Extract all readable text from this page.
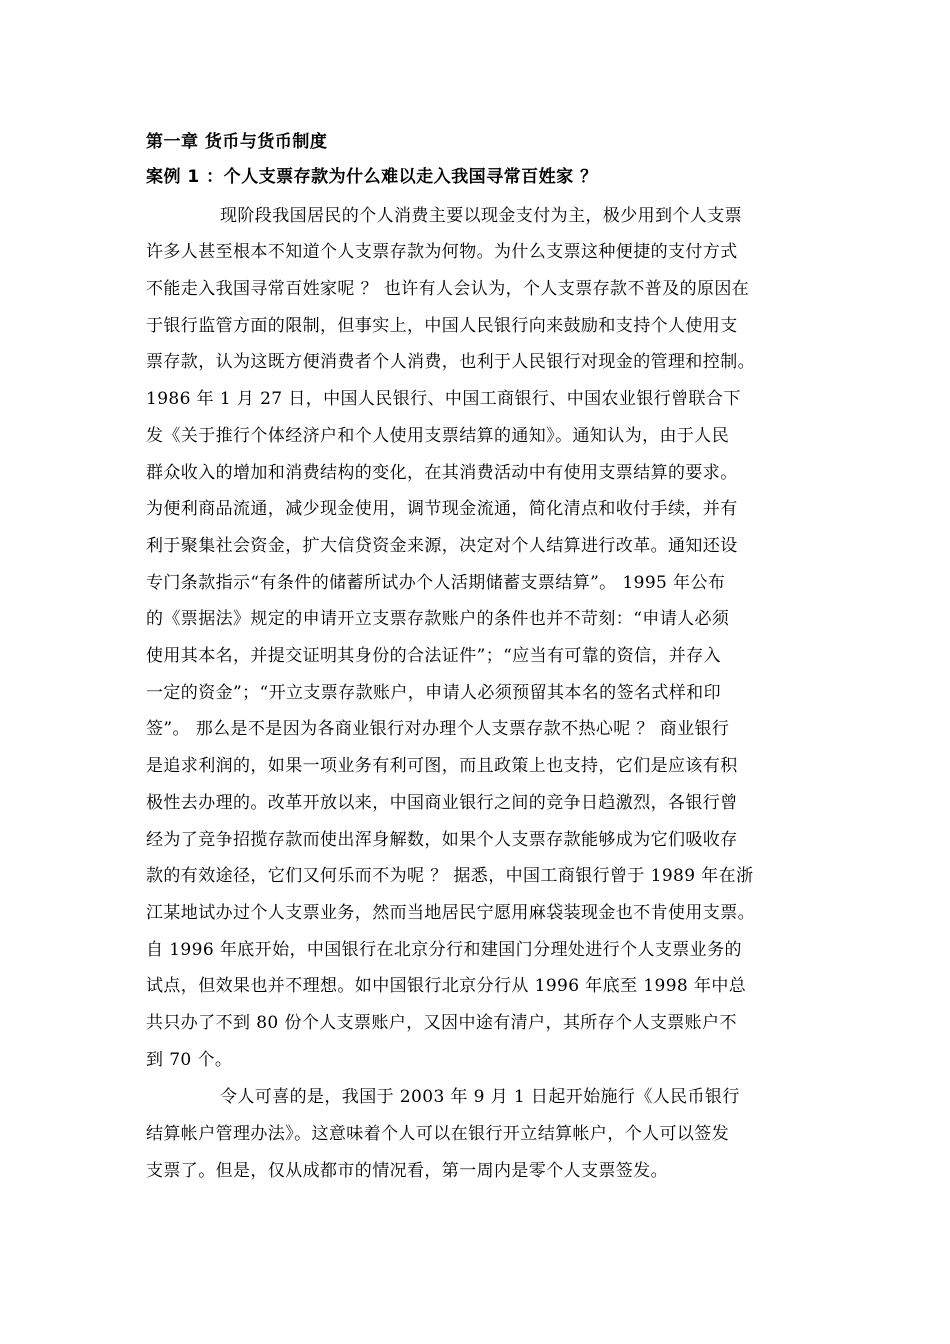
第一章 货币与货币制度
案例 1 ：个人支票存款为什么难以走入我国寻常百姓家 ？
现阶段我国居民的个人消费主要以现金支付为主，极少用到个人支票
许多人甚至根本不知道个人支票存款为何物。为什么支票这种便捷的支付方式
不能走入我国寻常百姓家呢 ？ 也许有人会认为，个人支票存款不普及的原因在
于银行监管方面的限制，但事实上，中国人民银行向来鼓励和支持个人使用支
票存款，认为这既方便消费者个人消费，也利于人民银行对现金的管理和控制。
1986 年 1 月 27 日，中国人民银行、中国工商银行、中国农业银行曾联合下
发《关于推行个体经济户和个人使用支票结算的通知》。通知认为，由于人民
群众收入的增加和消费结构的变化，在其消费活动中有使用支票结算的要求。
为便利商品流通，减少现金使用，调节现金流通，简化清点和收付手续，并有
利于聚集社会资金，扩大信贷资金来源，决定对个人结算进行改革。通知还设
专门条款指示“有条件的储蓄所试办个人活期储蓄支票结算”。 1995 年公布
的《票据法》规定的申请开立支票存款账户的条件也并不苛刻：“申请人必须
使用其本名，并提交证明其身份的合法证件”；“应当有可靠的资信，并存入
一定的资金”；“开立支票存款账户，申请人必须预留其本名的签名式样和印
签”。 那么是不是因为各商业银行对办理个人支票存款不热心呢 ？ 商业银行
是追求利润的，如果一项业务有利可图，而且政策上也支持，它们是应该有积
极性去办理的。改革开放以来，中国商业银行之间的竞争日趋激烈，各银行曾
经为了竞争招揽存款而使出浑身解数，如果个人支票存款能够成为它们吸收存
款的有效途径，它们又何乐而不为呢 ？ 据悉，中国工商银行曾于 1989 年在浙
江某地试办过个人支票业务，然而当地居民宁愿用麻袋装现金也不肯使用支票。
自 1996 年底开始，中国银行在北京分行和建国门分理处进行个人支票业务的
试点，但效果也并不理想。如中国银行北京分行从 1996 年底至 1998 年中总
共只办了不到 80 份个人支票账户，又因中途有清户，其所存个人支票账户不
到 70 个。
令人可喜的是，我国于 2003 年 9 月 1 日起开始施行《人民币银行
结算帐户管理办法》。这意味着个人可以在银行开立结算帐户，个人可以签发
支票了。但是，仅从成都市的情况看，第一周内是零个人支票签发。
